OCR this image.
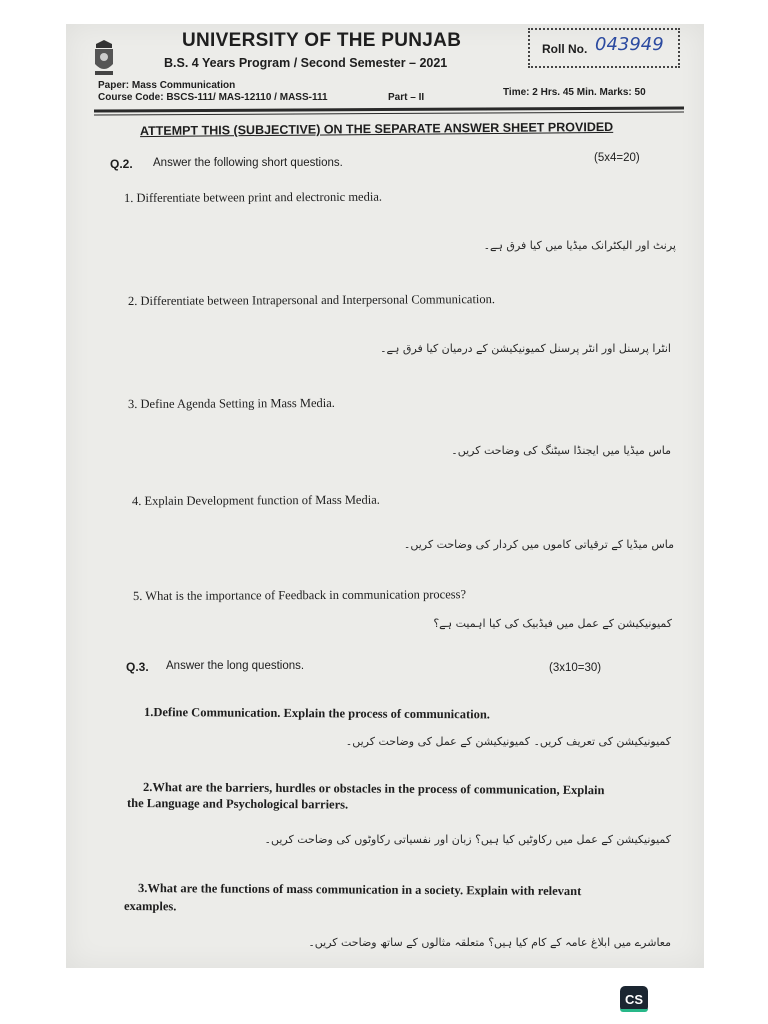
UNIVERSITY OF THE PUNJAB
B.S. 4 Years Program / Second Semester – 2021
Roll No. 043949
Paper: Mass Communication
Course Code: BSCS-111/ MAS-12110 / MASS-111	Part – II	Time: 2 Hrs. 45 Min. Marks: 50
ATTEMPT THIS (SUBJECTIVE) ON THE SEPARATE ANSWER SHEET PROVIDED
Q.2. Answer the following short questions.	(5x4=20)
1. Differentiate between print and electronic media.
پرنٹ اور الیکٹرانک میڈیا میں کیا فرق ہے۔
2. Differentiate between Intrapersonal and Interpersonal Communication.
انٹرا پرسنل اور انٹر پرسنل کمیونیکیشن کے درمیان کیا فرق ہے۔
3. Define Agenda Setting in Mass Media.
ماس میڈیا میں ایجنڈا سیٹنگ کی وضاحت کریں۔
4. Explain Development function of Mass Media.
ماس میڈیا کے ترقیاتی کاموں میں کردار کی وضاحت کریں۔
5. What is the importance of Feedback in communication process?
کمیونیکیشن کے عمل میں فیڈبیک کی کیا اہمیت ہے؟
Q.3. Answer the long questions.	(3x10=30)
1.Define Communication. Explain the process of communication.
کمیونیکیشن کی تعریف کریں۔ کمیونیکیشن کے عمل کی وضاحت کریں۔
2.What are the barriers, hurdles or obstacles in the process of communication, Explain
the Language and Psychological barriers.
کمیونیکیشن کے عمل میں رکاوٹیں کیا ہیں؟ زبان اور نفسیاتی رکاوٹوں کی وضاحت کریں۔
3.What are the functions of mass communication in a society. Explain with relevant
examples.
معاشرے میں ابلاغ عامہ کے کام کیا ہیں؟ متعلقہ مثالوں کے ساتھ وضاحت کریں۔
CS
